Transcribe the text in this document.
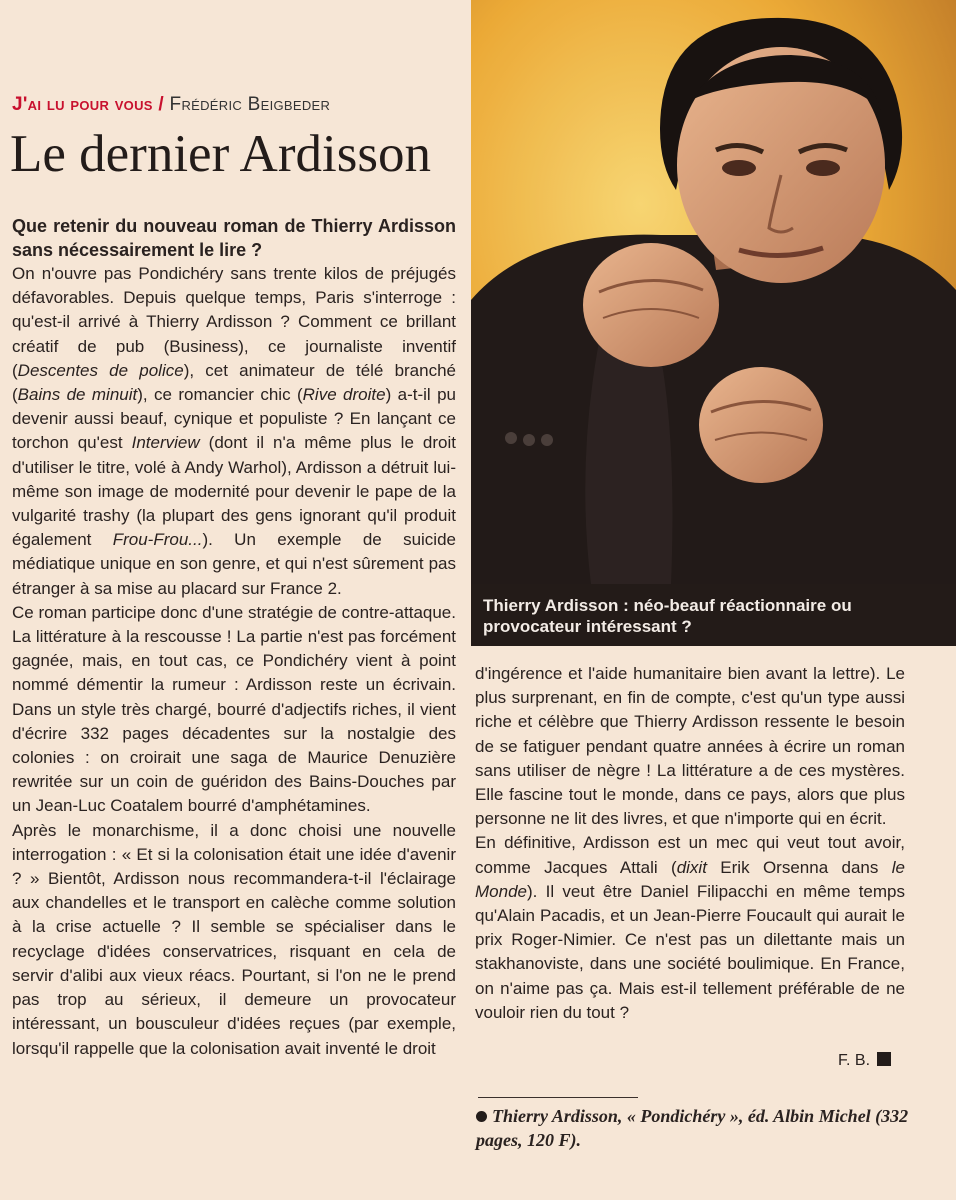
J'ai lu pour vous / Frédéric Beigbeder
Le dernier Ardisson

Que retenir du nouveau roman de Thierry Ardisson sans nécessairement le lire ?

On n'ouvre pas Pondichéry sans trente kilos de préjugés défavorables. Depuis quelque temps, Paris s'interroge : qu'est-il arrivé à Thierry Ardisson ? Comment ce brillant créatif de pub (Business), ce journaliste inventif (Descentes de police), cet animateur de télé branché (Bains de minuit), ce romancier chic (Rive droite) a-t-il pu devenir aussi beauf, cynique et populiste ? En lançant ce torchon qu'est Interview (dont il n'a même plus le droit d'utiliser le titre, volé à Andy Warhol), Ardisson a détruit lui-même son image de modernité pour devenir le pape de la vulgarité trashy (la plupart des gens ignorant qu'il produit également Frou-Frou...). Un exemple de suicide médiatique unique en son genre, et qui n'est sûrement pas étranger à sa mise au placard sur France 2.

Ce roman participe donc d'une stratégie de contre-attaque. La littérature à la rescousse ! La partie n'est pas forcément gagnée, mais, en tout cas, ce Pondichéry vient à point nommé démentir la rumeur : Ardisson reste un écrivain. Dans un style très chargé, bourré d'adjectifs riches, il vient d'écrire 332 pages décadentes sur la nostalgie des colonies : on croirait une saga de Maurice Denuzière rewritée sur un coin de guéridon des Bains-Douches par un Jean-Luc Coatalem bourré d'amphétamines.

Après le monarchisme, il a donc choisi une nouvelle interrogation : « Et si la colonisation était une idée d'avenir ? » Bientôt, Ardisson nous recommandera-t-il l'éclairage aux chandelles et le transport en calèche comme solution à la crise actuelle ? Il semble se spécialiser dans le recyclage d'idées conservatrices, risquant en cela de servir d'alibi aux vieux réacs. Pourtant, si l'on ne le prend pas trop au sérieux, il demeure un provocateur intéressant, un bousculeur d'idées reçues (par exemple, lorsqu'il rappelle que la colonisation avait inventé le droit

Thierry Ardisson : néo-beauf réactionnaire ou provocateur intéressant ?

d'ingérence et l'aide humanitaire bien avant la lettre). Le plus surprenant, en fin de compte, c'est qu'un type aussi riche et célèbre que Thierry Ardisson ressente le besoin de se fatiguer pendant quatre années à écrire un roman sans utiliser de nègre ! La littérature a de ces mystères. Elle fascine tout le monde, dans ce pays, alors que plus personne ne lit des livres, et que n'importe qui en écrit.

En définitive, Ardisson est un mec qui veut tout avoir, comme Jacques Attali (dixit Erik Orsenna dans le Monde). Il veut être Daniel Filipacchi en même temps qu'Alain Pacadis, et un Jean-Pierre Foucault qui aurait le prix Roger-Nimier. Ce n'est pas un dilettante mais un stakhanoviste, dans une société boulimique. En France, on n'aime pas ça. Mais est-il tellement préférable de ne vouloir rien du tout ?

F. B.
Thierry Ardisson, « Pondichéry », éd. Albin Michel (332 pages, 120 F).
